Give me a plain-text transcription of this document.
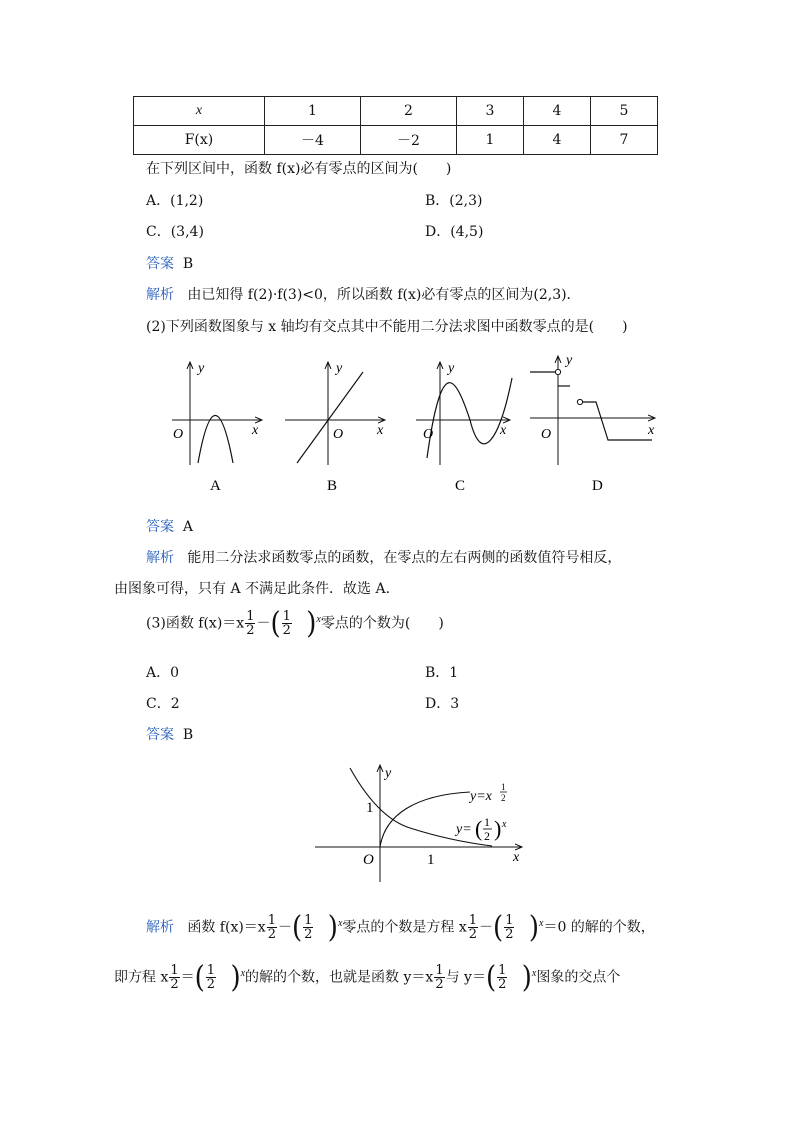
x	1	2	3	4	5
F(x)	－4	－2	1	4	7
在下列区间中，函数 f(x)必有零点的区间为(　　)
A．(1,2)	B．(2,3)
C．(3,4)	D．(4,5)
答案 B
解析 由已知得 f(2)·f(3)<0，所以函数 f(x)必有零点的区间为(2,3)．
(2)下列函数图象与 x 轴均有交点其中不能用二分法求图中函数零点的是(　　)
x
y
O
A
x
y
O
B
x
y
O
C
x
y
O
D
答案 A
解析 能用二分法求函数零点的函数，在零点的左右两侧的函数值符号相反，
由图象可得，只有 A 不满足此条件．故选 A.
(3)函数 $f(x)=x \frac{1}{2}$ －( $\frac{1}{2} )^x$零点的个数为(　　)
A．0	B．1
C．2	D．3
答案 B
x
y
O
1
1
y=x
1
2
y= ( 1
2 ) x
解析 函数 $f(x)=x \frac{1}{2}$ －( $\frac{1}{2} )^x$零点的个数是方程 x $\frac{1}{2}$ －( $\frac{1}{2} )^x=0$ 的解的个数，
即方程 x $\frac{1}{2}$ ＝( $\frac{1}{2} )^x$的解的个数，也就是函数 $y=x \frac{1}{2}$ 与 $y=( \frac{1}{2} )^x$图象的交点个
